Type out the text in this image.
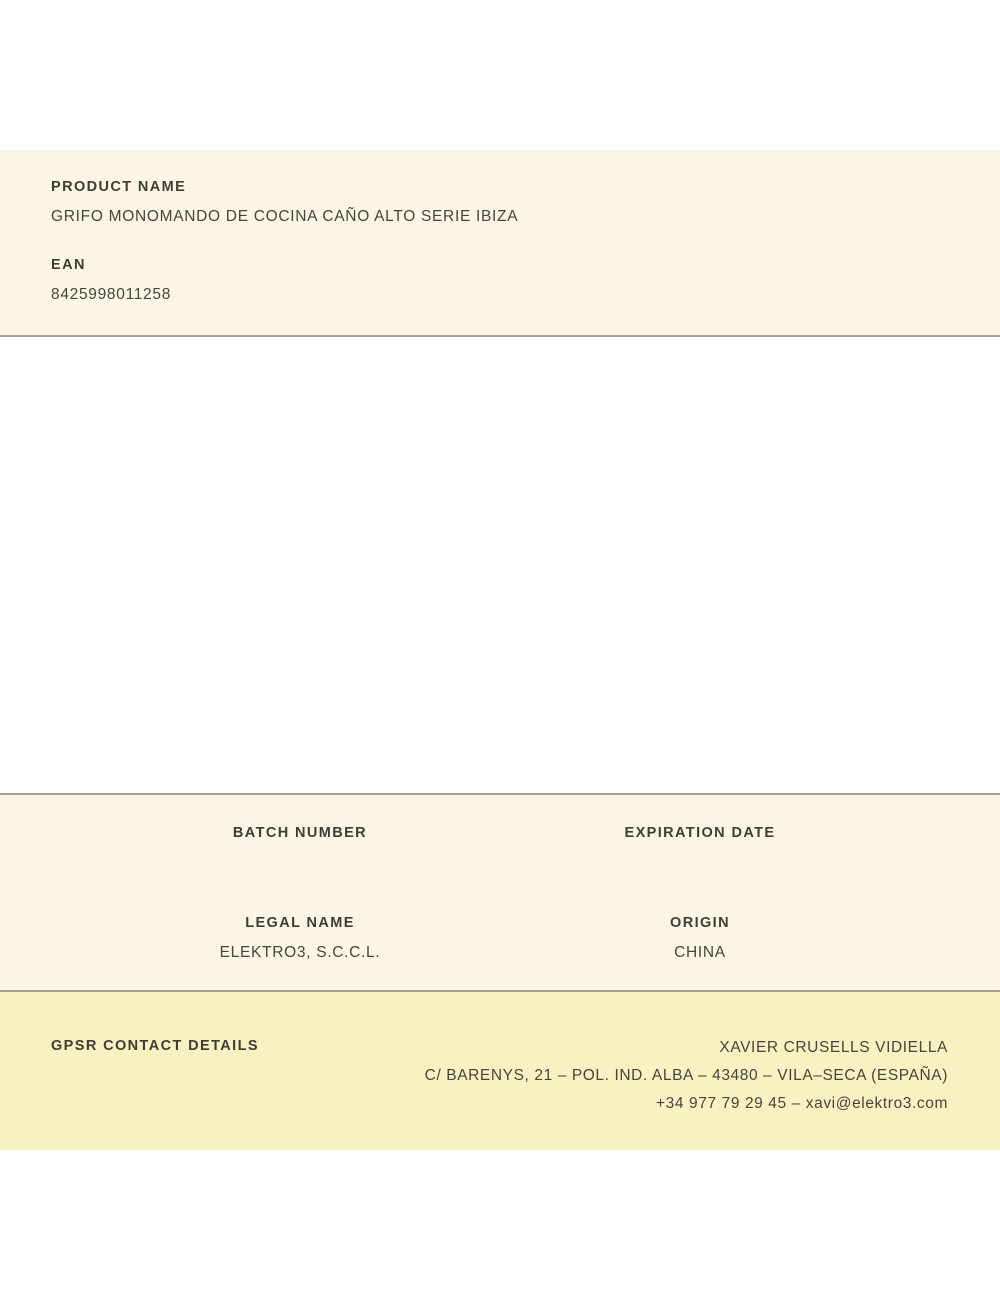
PRODUCT NAME
GRIFO MONOMANDO DE COCINA CAÑO ALTO SERIE IBIZA
EAN
8425998011258
BATCH NUMBER	EXPIRATION DATE
LEGAL NAME
ELEKTRO3, S.C.C.L.
ORIGIN
CHINA
GPSR CONTACT DETAILS	XAVIER CRUSELLS VIDIELLA
C/ BARENYS, 21 – POL. IND. ALBA – 43480 – VILA–SECA (ESPAÑA)
+34 977 79 29 45 – xavi@elektro3.com
